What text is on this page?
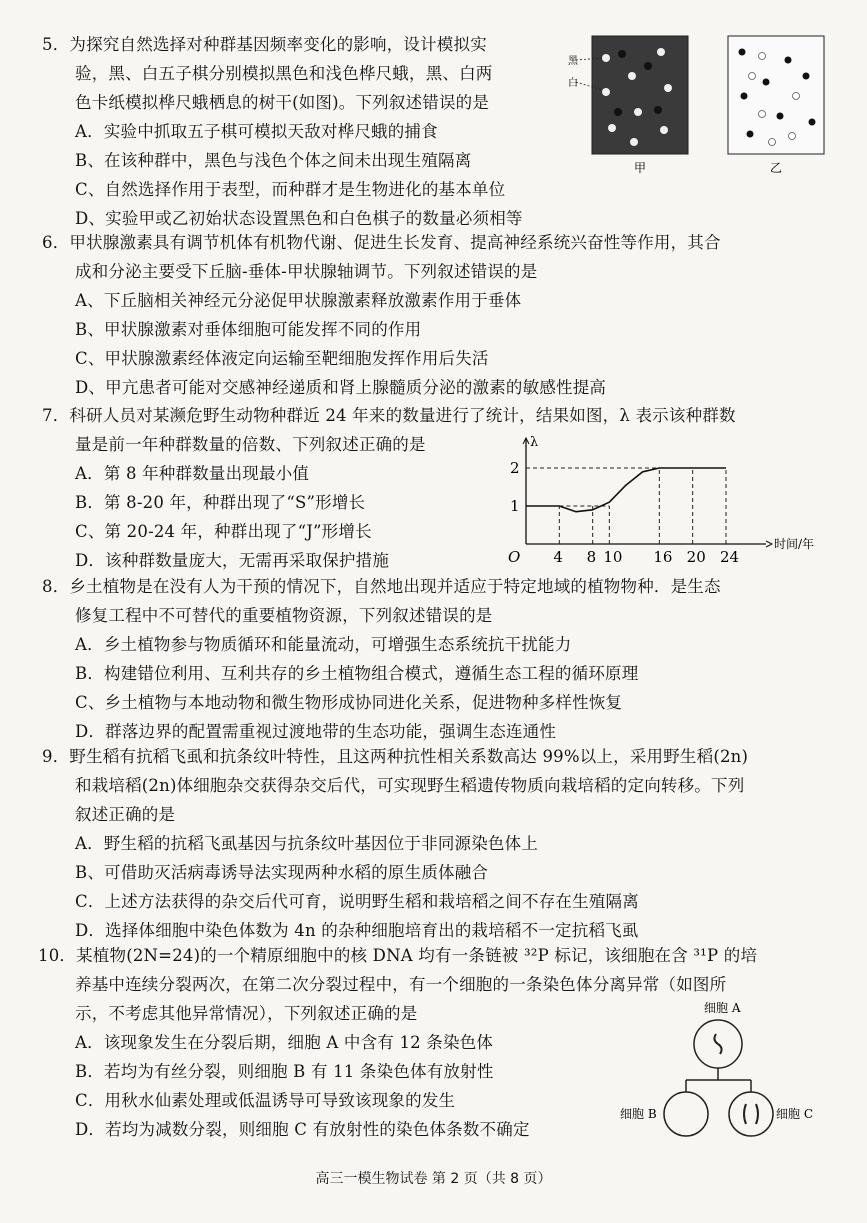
5．为探究自然选择对种群基因频率变化的影响，设计模拟实
验，黑、白五子棋分别模拟黑色和浅色桦尺蛾，黑、白两
色卡纸模拟桦尺蛾栖息的树干(如图)。下列叙述错误的是
A．实验中抓取五子棋可模拟天敌对桦尺蛾的捕食
B、在该种群中，黑色与浅色个体之间未出现生殖隔离
C、自然选择作用于表型，而种群才是生物进化的基本单位
D、实验甲或乙初始状态设置黑色和白色棋子的数量必须相等
6．甲状腺激素具有调节机体有机物代谢、促进生长发育、提高神经系统兴奋性等作用，其合
成和分泌主要受下丘脑-垂体-甲状腺轴调节。下列叙述错误的是
A、下丘脑相关神经元分泌促甲状腺激素释放激素作用于垂体
B、甲状腺激素对垂体细胞可能发挥不同的作用
C、甲状腺激素经体液定向运输至靶细胞发挥作用后失活
D、甲亢患者可能对交感神经递质和肾上腺髓质分泌的激素的敏感性提高
7．科研人员对某濒危野生动物种群近 24 年来的数量进行了统计，结果如图，λ 表示该种群数
量是前一年种群数量的倍数、下列叙述正确的是
A．第 8 年种群数量出现最小值
B．第 8-20 年，种群出现了“S”形增长
C、第 20-24 年，种群出现了“J”形增长
D．该种群数量庞大，无需再采取保护措施
8．乡土植物是在没有人为干预的情况下，自然地出现并适应于特定地域的植物物种．是生态
修复工程中不可替代的重要植物资源，下列叙述错误的是
A．乡土植物参与物质循环和能量流动，可增强生态系统抗干扰能力
B．构建错位利用、互利共存的乡土植物组合模式，遵循生态工程的循环原理
C、乡土植物与本地动物和微生物形成协同进化关系，促进物种多样性恢复
D．群落边界的配置需重视过渡地带的生态功能，强调生态连通性
9．野生稻有抗稻飞虱和抗条纹叶特性，且这两种抗性相关系数高达 99%以上，采用野生稻(2n)
和栽培稻(2n)体细胞杂交获得杂交后代，可实现野生稻遗传物质向栽培稻的定向转移。下列
叙述正确的是
A．野生稻的抗稻飞虱基因与抗条纹叶基因位于非同源染色体上
B、可借助灭活病毒诱导法实现两种水稻的原生质体融合
C．上述方法获得的杂交后代可育，说明野生稻和栽培稻之间不存在生殖隔离
D．选择体细胞中染色体数为 4n 的杂种细胞培育出的栽培稻不一定抗稻飞虱
10．某植物(2N=24)的一个精原细胞中的核 DNA 均有一条链被 ³²P 标记，该细胞在含 ³¹P 的培
养基中连续分裂两次，在第二次分裂过程中，有一个细胞的一条染色体分离异常（如图所
示，不考虑其他异常情况），下列叙述正确的是
A．该现象发生在分裂后期，细胞 A 中含有 12 条染色体
B．若均为有丝分裂，则细胞 B 有 11 条染色体有放射性
C．用秋水仙素处理或低温诱导可导致该现象的发生
D．若均为减数分裂，则细胞 C 有放射性的染色体条数不确定
黑
白
甲	乙
4 8 10 16 20 24
1
2
O
λ
时间/年
细胞 A
细胞 B	细胞 C
高三一模生物试卷 第 2 页（共 8 页）
